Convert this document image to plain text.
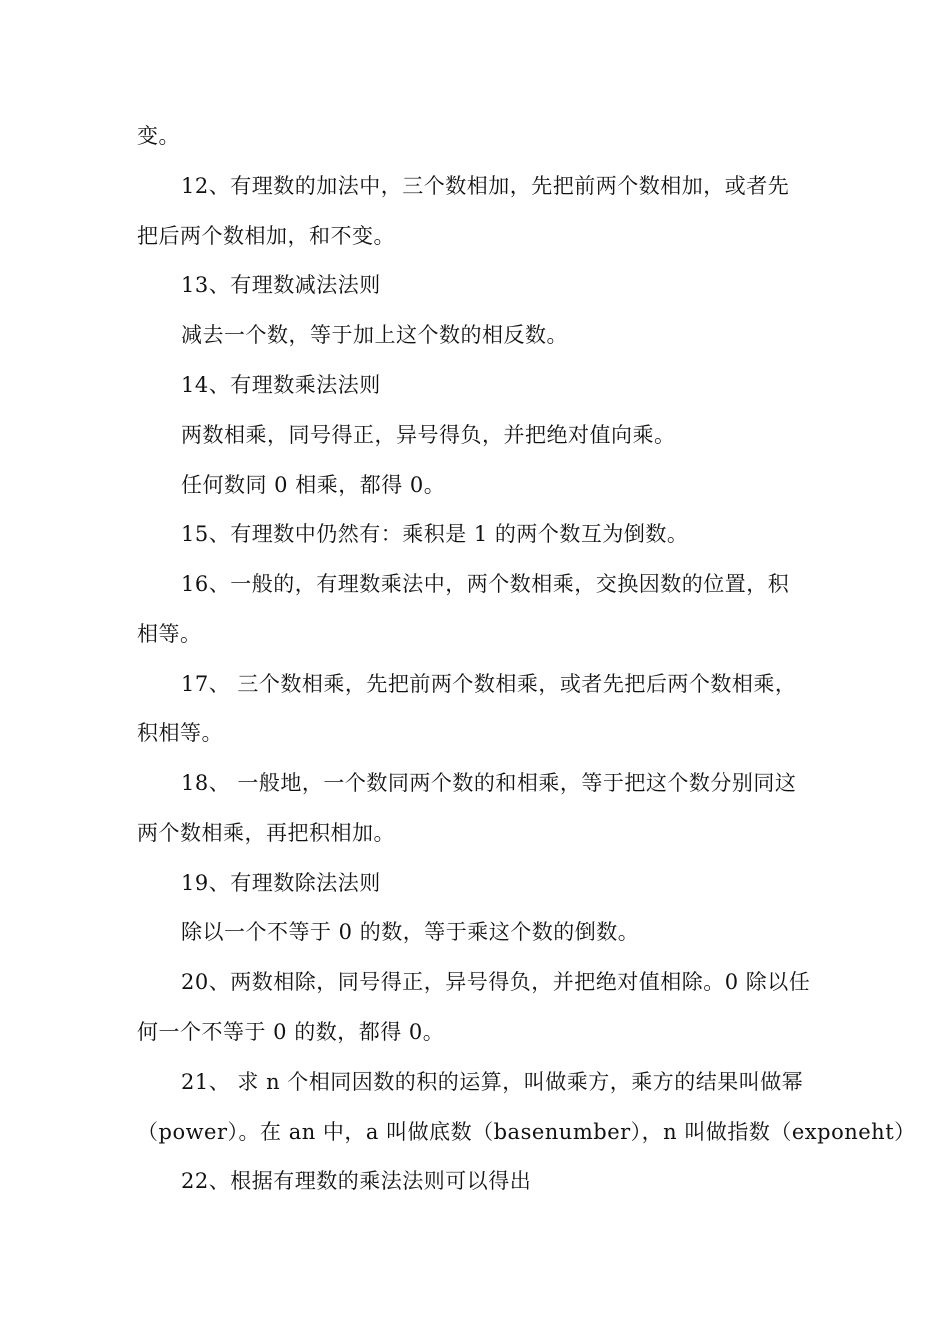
变。
12、有理数的加法中，三个数相加，先把前两个数相加，或者先
把后两个数相加，和不变。
13、有理数减法法则
减去一个数，等于加上这个数的相反数。
14、有理数乘法法则
两数相乘，同号得正，异号得负，并把绝对值向乘。
任何数同 0 相乘，都得 0。
15、有理数中仍然有：乘积是 1 的两个数互为倒数。
16、一般的，有理数乘法中，两个数相乘，交换因数的位置，积
相等。
17、 三个数相乘，先把前两个数相乘，或者先把后两个数相乘，
积相等。
18、 一般地，一个数同两个数的和相乘，等于把这个数分别同这
两个数相乘，再把积相加。
19、有理数除法法则
除以一个不等于 0 的数，等于乘这个数的倒数。
20、两数相除，同号得正，异号得负，并把绝对值相除。0 除以任
何一个不等于 0 的数，都得 0。
21、 求 n 个相同因数的积的运算，叫做乘方，乘方的结果叫做幂
（power）。在 an 中，a 叫做底数（basenumber），n 叫做指数（exponeht）
22、根据有理数的乘法法则可以得出
